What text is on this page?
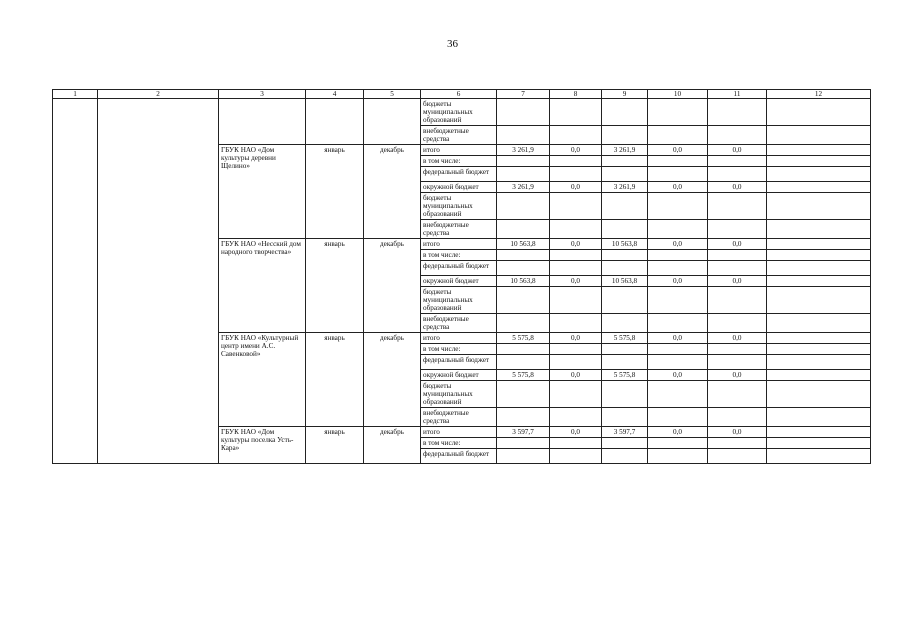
36
1	2	3	4	5	6	7	8	9	10	11	12
					бюджеты муниципальных образований						
					внебюджетные средства						
		ГБУК НАО «Дом культуры деревни Щелино»	январь	декабрь	итого	3 261,9	0,0	3 261,9	0,0	0,0	
					в том числе:						
					федеральный бюджет						
					окружной бюджет	3 261,9	0,0	3 261,9	0,0	0,0	
					бюджеты муниципальных образований						
					внебюджетные средства						
		ГБУК НАО «Несский дом народного творчества»	январь	декабрь	итого	10 563,8	0,0	10 563,8	0,0	0,0	
					в том числе:						
					федеральный бюджет						
					окружной бюджет	10 563,8	0,0	10 563,8	0,0	0,0	
					бюджеты муниципальных образований						
					внебюджетные средства						
		ГБУК НАО «Культурный центр имени А.С. Савенковой»	январь	декабрь	итого	5 575,8	0,0	5 575,8	0,0	0,0	
					в том числе:						
					федеральный бюджет						
					окружной бюджет	5 575,8	0,0	5 575,8	0,0	0,0	
					бюджеты муниципальных образований						
					внебюджетные средства						
		ГБУК НАО «Дом культуры поселка Усть-Кара»	январь	декабрь	итого	3 597,7	0,0	3 597,7	0,0	0,0	
					в том числе:						
					федеральный бюджет						
